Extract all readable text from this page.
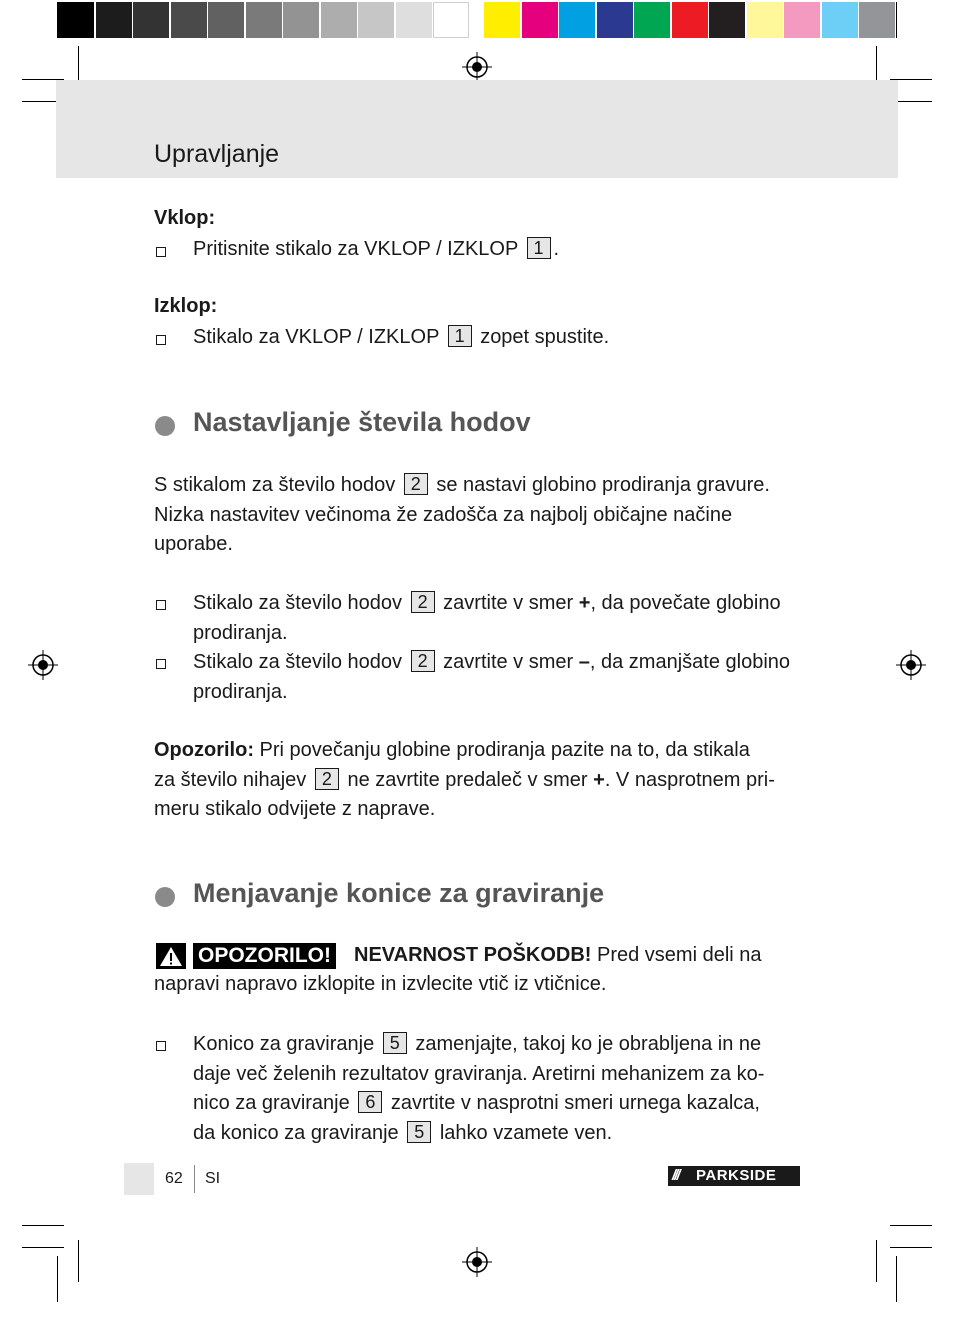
Upravljanje
Vklop:
Pritisnite stikalo za VKLOP / IZKLOP 1 .
Izklop:
Stikalo za VKLOP / IZKLOP 1 zopet spustite.
Nastavljanje števila hodov
S stikalom za število hodov 2 se nastavi globino prodiranja gravure.
Nizka nastavitev večinoma že zadošča za najbolj običajne načine
uporabe.
Stikalo za število hodov 2 zavrtite v smer +, da povečate globino
prodiranja.
Stikalo za število hodov 2 zavrtite v smer –, da zmanjšate globino
prodiranja.
Opozorilo: Pri povečanju globine prodiranja pazite na to, da stikala
za število nihajev 2 ne zavrtite predaleč v smer +. V nasprotnem pri-
meru stikalo odvijete z naprave.
Menjavanje konice za graviranje
OPOZORILO! NEVARNOST POŠKODB! Pred vsemi deli na
napravi napravo izklopite in izvlecite vtič iz vtičnice.
Konico za graviranje 5 zamenjajte, takoj ko je obrabljena in ne
daje več želenih rezultatov graviranja. Aretirni mehanizem za ko-
nico za graviranje 6 zavrtite v nasprotni smeri urnega kazalca,
da konico za graviranje 5 lahko vzamete ven.
62 SI	/// PARKSIDE
